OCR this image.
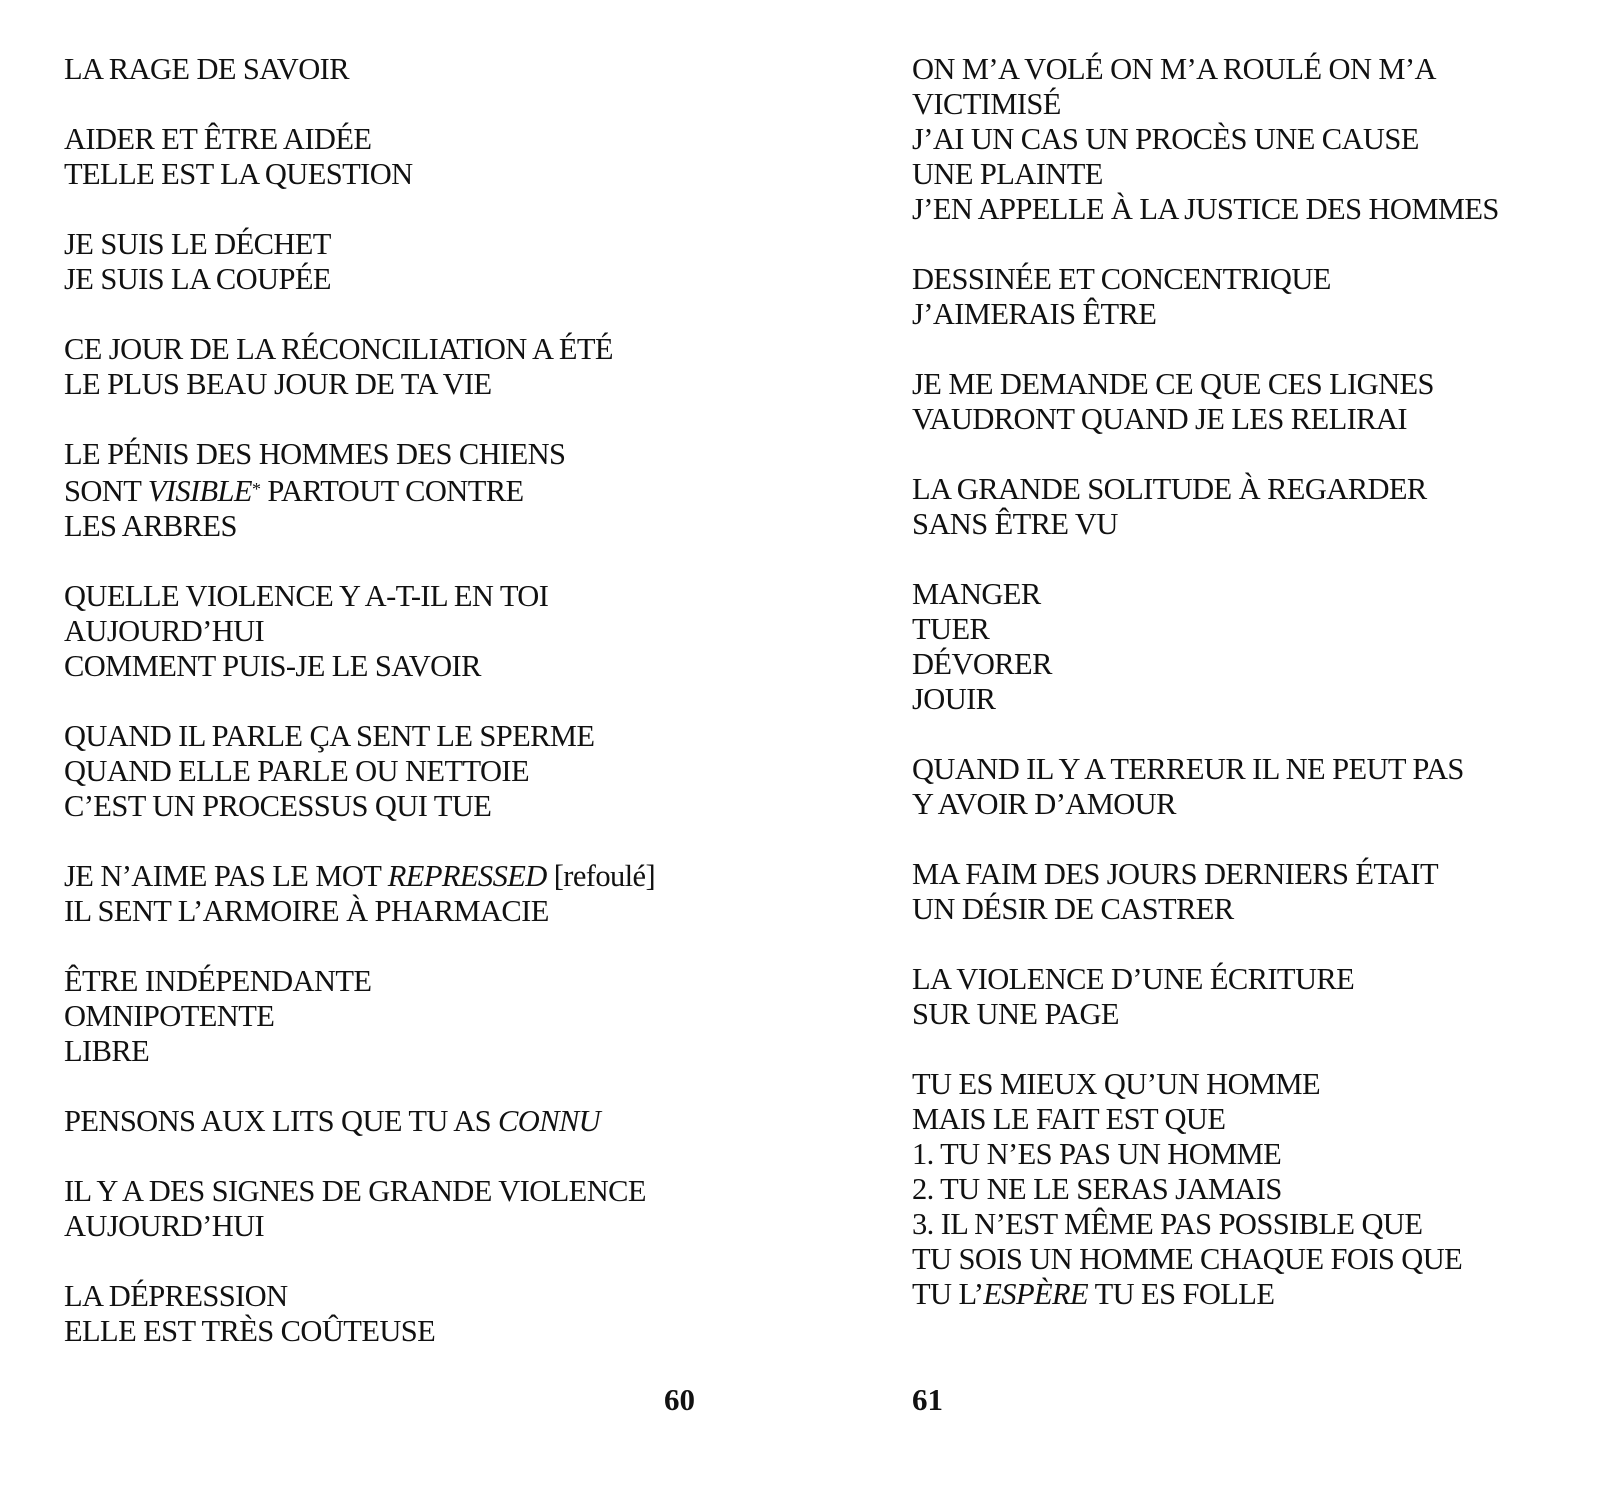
LA RAGE DE SAVOIR
AIDER ET ÊTRE AIDÉE
TELLE EST LA QUESTION
JE SUIS LE DÉCHET
JE SUIS LA COUPÉE
CE JOUR DE LA RÉCONCILIATION A ÉTÉ
LE PLUS BEAU JOUR DE TA VIE
LE PÉNIS DES HOMMES DES CHIENS
SONT VISIBLE* PARTOUT CONTRE
LES ARBRES
QUELLE VIOLENCE Y A-T-IL EN TOI
AUJOURD’HUI
COMMENT PUIS-JE LE SAVOIR
QUAND IL PARLE ÇA SENT LE SPERME
QUAND ELLE PARLE OU NETTOIE
C’EST UN PROCESSUS QUI TUE
JE N’AIME PAS LE MOT REPRESSED [refoulé]
IL SENT L’ARMOIRE À PHARMACIE
ÊTRE INDÉPENDANTE
OMNIPOTENTE
LIBRE
PENSONS AUX LITS QUE TU AS CONNU
IL Y A DES SIGNES DE GRANDE VIOLENCE
AUJOURD’HUI
LA DÉPRESSION
ELLE EST TRÈS COÛTEUSE
ON M’A VOLÉ ON M’A ROULÉ ON M’A
VICTIMISÉ
J’AI UN CAS UN PROCÈS UNE CAUSE
UNE PLAINTE
J’EN APPELLE À LA JUSTICE DES HOMMES
DESSINÉE ET CONCENTRIQUE
J’AIMERAIS ÊTRE
JE ME DEMANDE CE QUE CES LIGNES
VAUDRONT QUAND JE LES RELIRAI
LA GRANDE SOLITUDE À REGARDER
SANS ÊTRE VU
MANGER
TUER
DÉVORER
JOUIR
QUAND IL Y A TERREUR IL NE PEUT PAS
Y AVOIR D’AMOUR
MA FAIM DES JOURS DERNIERS ÉTAIT
UN DÉSIR DE CASTRER
LA VIOLENCE D’UNE ÉCRITURE
SUR UNE PAGE
TU ES MIEUX QU’UN HOMME
MAIS LE FAIT EST QUE
1. TU N’ES PAS UN HOMME
2. TU NE LE SERAS JAMAIS
3. IL N’EST MÊME PAS POSSIBLE QUE
TU SOIS UN HOMME CHAQUE FOIS QUE
TU L’ESPÈRE TU ES FOLLE
60	61
